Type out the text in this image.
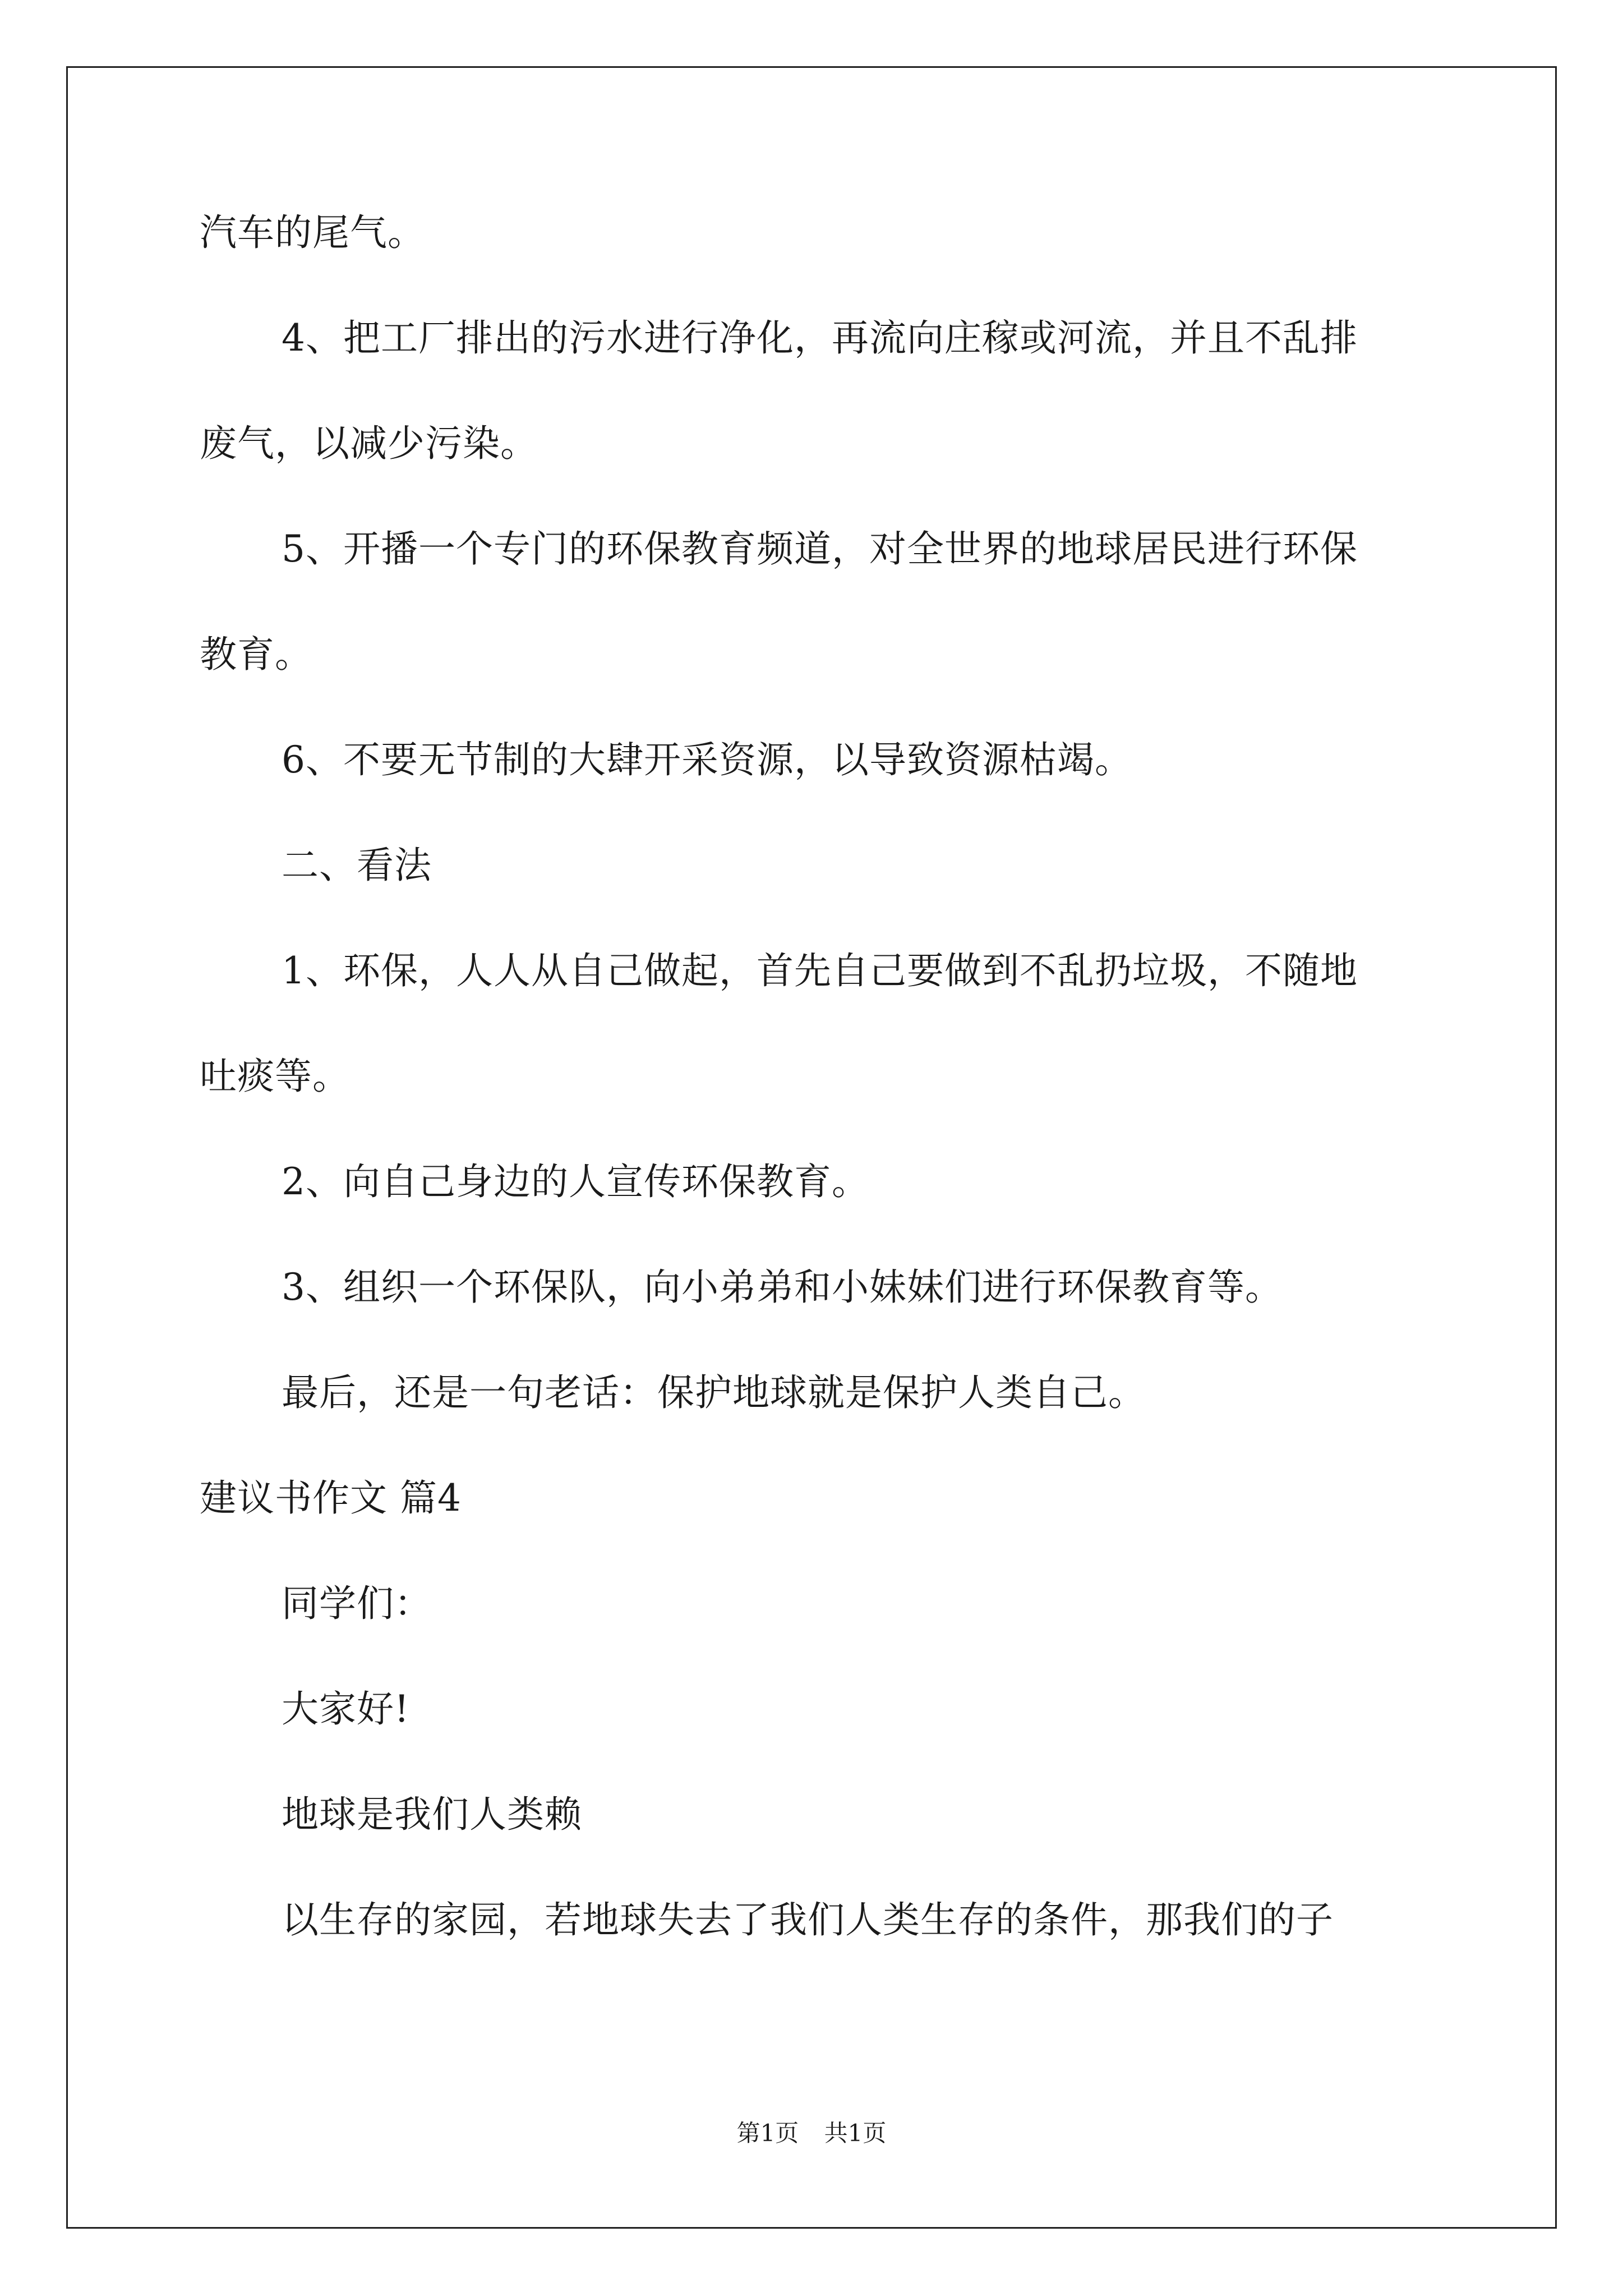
汽车的尾气。
4、把工厂排出的污水进行净化，再流向庄稼或河流，并且不乱排
废气，以减少污染。
5、开播一个专门的环保教育频道，对全世界的地球居民进行环保
教育。
6、不要无节制的大肆开采资源，以导致资源枯竭。
二、看法
1、环保，人人从自己做起，首先自己要做到不乱扔垃圾，不随地
吐痰等。
2、向自己身边的人宣传环保教育。
3、组织一个环保队，向小弟弟和小妹妹们进行环保教育等。
最后，还是一句老话：保护地球就是保护人类自己。
建议书作文 篇4
同学们：
大家好!
地球是我们人类赖
以生存的家园，若地球失去了我们人类生存的条件，那我们的子
第1页 共1页
